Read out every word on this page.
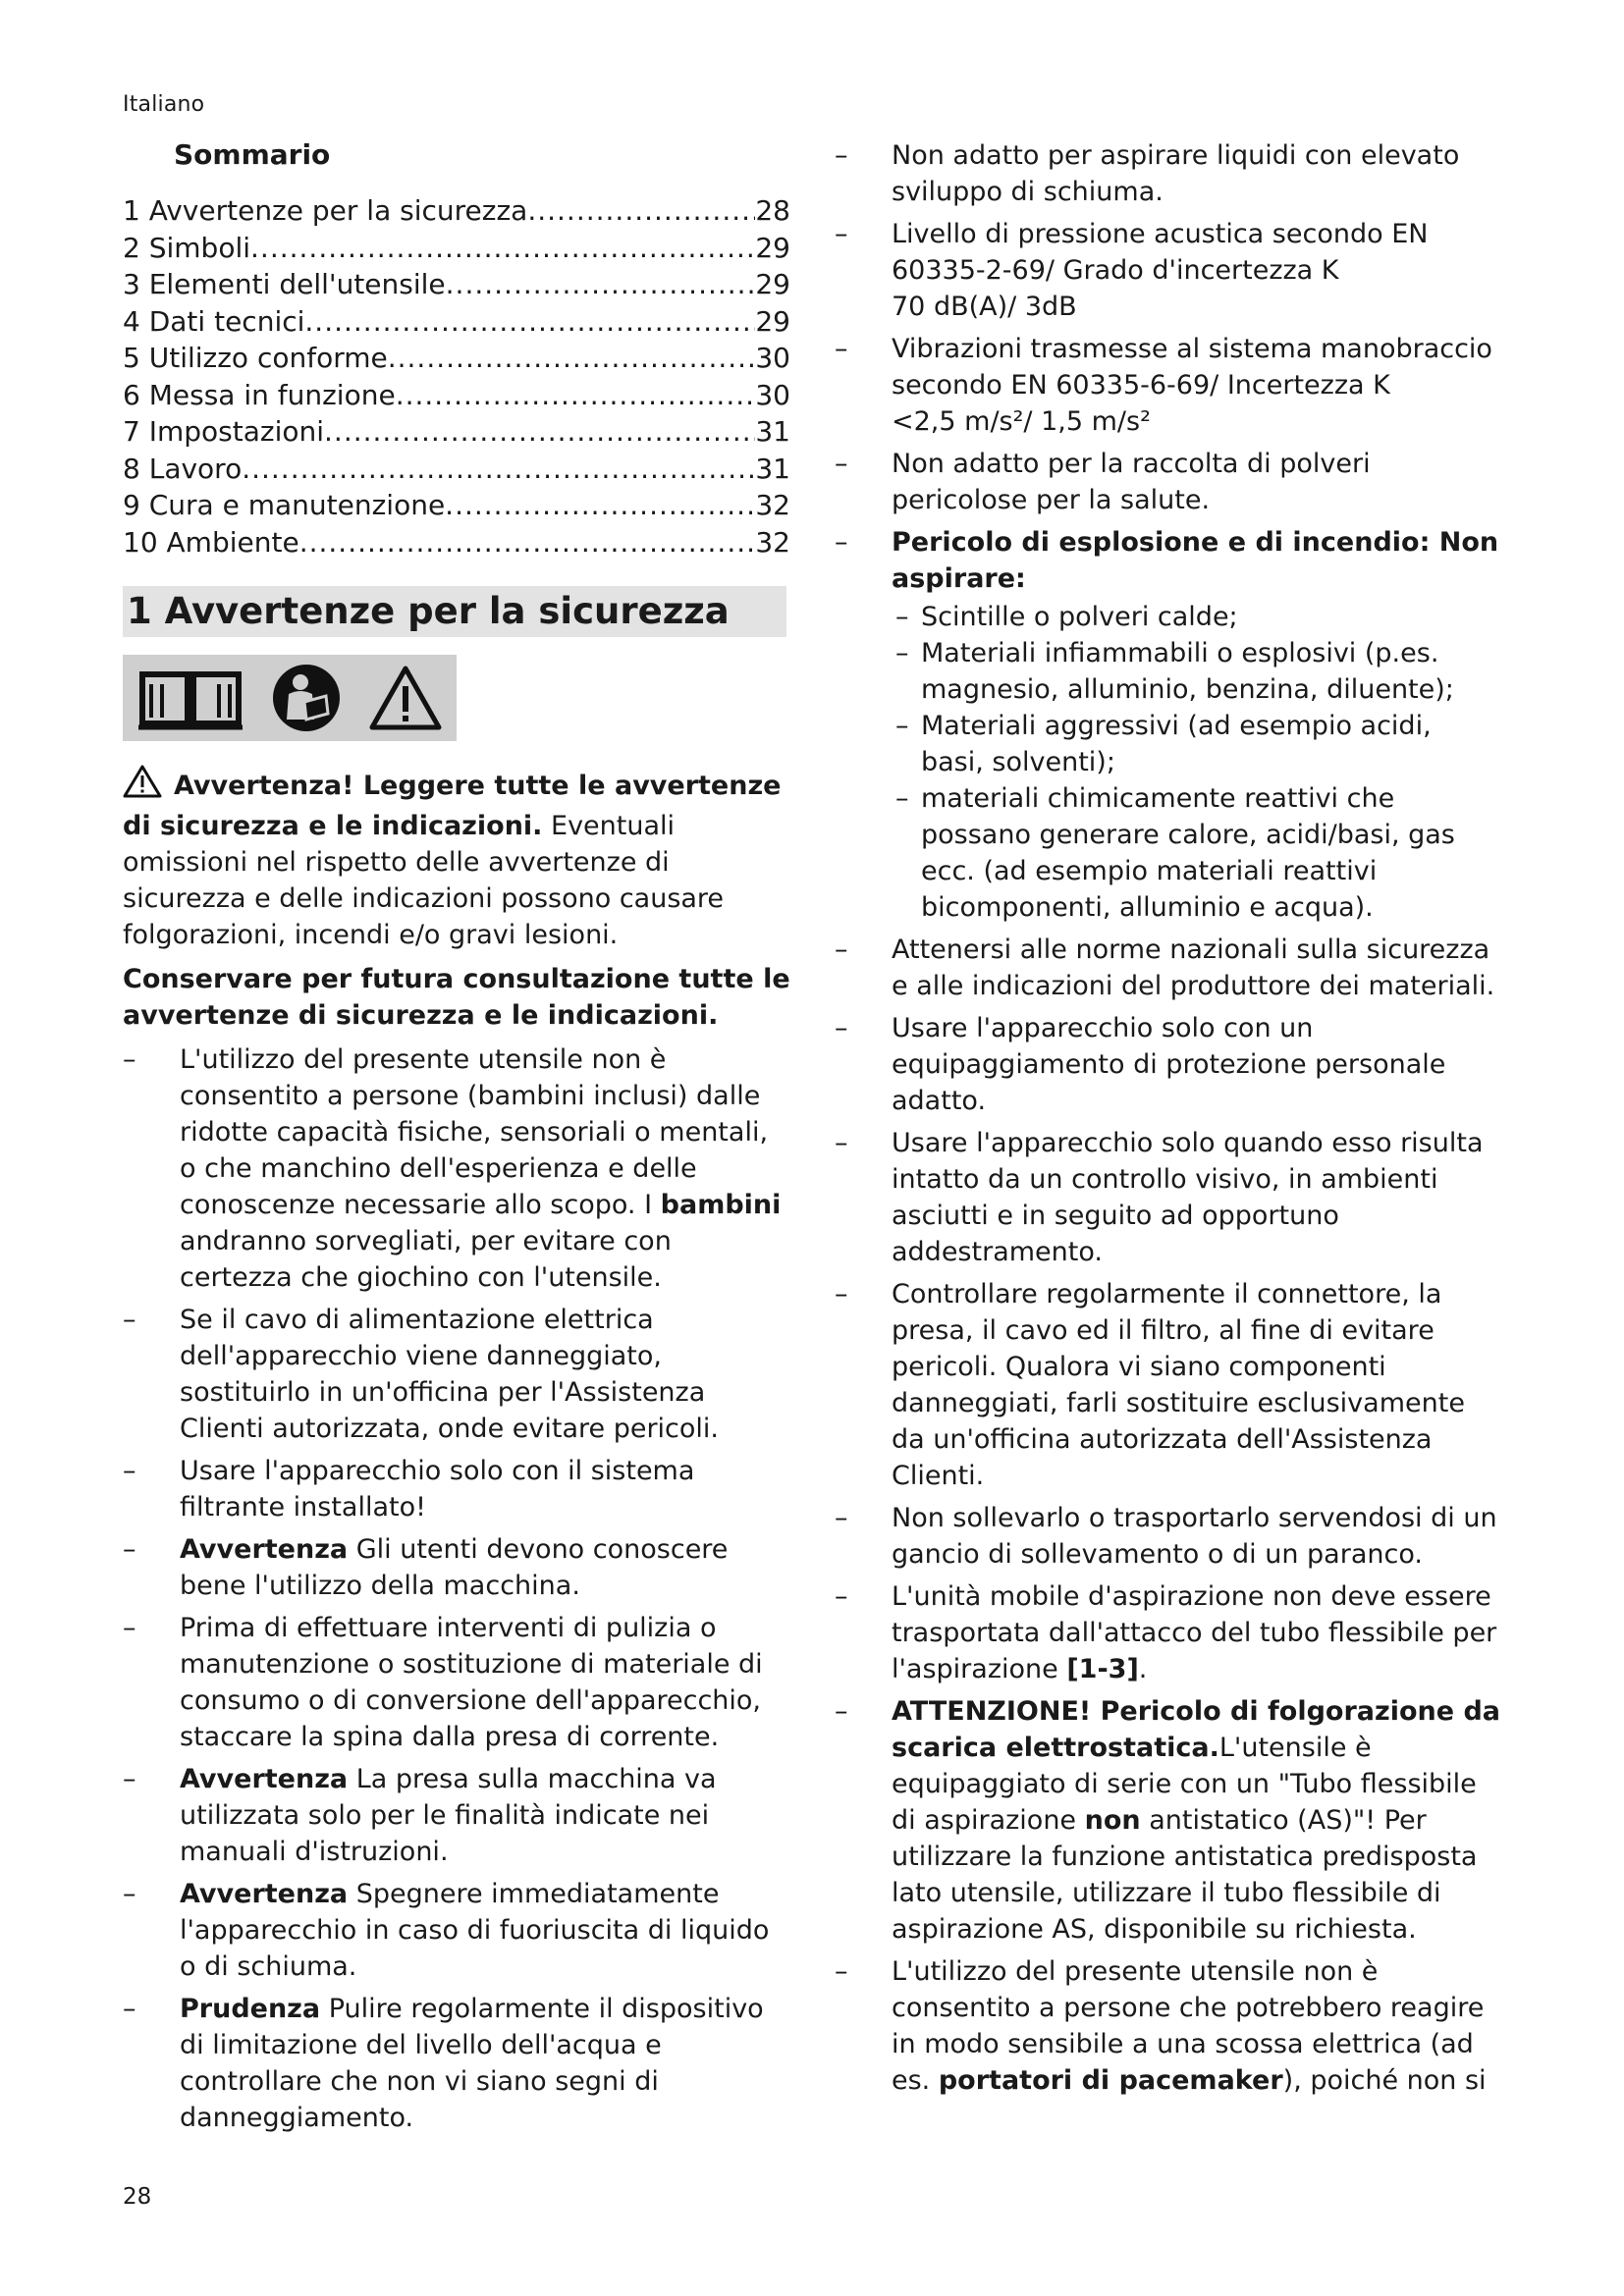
Italiano
Sommario
1 Avvertenze per la sicurezza .....	28
2 Simboli .....	29
3 Elementi dell'utensile .....	29
4 Dati tecnici .....	29
5 Utilizzo conforme .....	30
6 Messa in funzione .....	30
7 Impostazioni .....	31
8 Lavoro .....	31
9 Cura e manutenzione .....	32
10 Ambiente .....	32
1 Avvertenze per la sicurezza

Avvertenza! Leggere tutte le avvertenze di sicurezza e le indicazioni. Eventuali omissioni nel rispetto delle avvertenze di sicurezza e delle indicazioni possono causare folgorazioni, incendi e/o gravi lesioni.

Conservare per futura consultazione tutte le avvertenze di sicurezza e le indicazioni.

– L'utilizzo del presente utensile non è consentito a persone (bambini inclusi) dalle ridotte capacità fisiche, sensoriali o mentali, o che manchino dell'esperienza e delle conoscenze necessarie allo scopo. I bambini andranno sorvegliati, per evitare con certezza che giochino con l'utensile.
– Se il cavo di alimentazione elettrica dell'apparecchio viene danneggiato, sostituirlo in un'officina per l'Assistenza Clienti autorizzata, onde evitare pericoli.
– Usare l'apparecchio solo con il sistema filtrante installato!
– Avvertenza Gli utenti devono conoscere bene l'utilizzo della macchina.
– Prima di effettuare interventi di pulizia o manutenzione o sostituzione di materiale di consumo o di conversione dell'apparecchio, staccare la spina dalla presa di corrente.
– Avvertenza La presa sulla macchina va utilizzata solo per le finalità indicate nei manuali d'istruzioni.
– Avvertenza Spegnere immediatamente l'apparecchio in caso di fuoriuscita di liquido o di schiuma.
– Prudenza Pulire regolarmente il dispositivo di limitazione del livello dell'acqua e controllare che non vi siano segni di danneggiamento.
– Non adatto per aspirare liquidi con elevato sviluppo di schiuma.
– Livello di pressione acustica secondo EN 60335-2-69/ Grado d'incertezza K
70 dB(A)/ 3dB
– Vibrazioni trasmesse al sistema manobraccio secondo EN 60335-6-69/ Incertezza K
<2,5 m/s²/ 1,5 m/s²
– Non adatto per la raccolta di polveri pericolose per la salute.
– Pericolo di esplosione e di incendio: Non aspirare:
– Scintille o polveri calde;
– Materiali infiammabili o esplosivi (p.es. magnesio, alluminio, benzina, diluente);
– Materiali aggressivi (ad esempio acidi, basi, solventi);
– materiali chimicamente reattivi che possano generare calore, acidi/basi, gas ecc. (ad esempio materiali reattivi bicomponenti, alluminio e acqua).
– Attenersi alle norme nazionali sulla sicurezza e alle indicazioni del produttore dei materiali.
– Usare l'apparecchio solo con un equipaggiamento di protezione personale adatto.
– Usare l'apparecchio solo quando esso risulta intatto da un controllo visivo, in ambienti asciutti e in seguito ad opportuno addestramento.
– Controllare regolarmente il connettore, la presa, il cavo ed il filtro, al fine di evitare pericoli. Qualora vi siano componenti danneggiati, farli sostituire esclusivamente da un'officina autorizzata dell'Assistenza Clienti.
– Non sollevarlo o trasportarlo servendosi di un gancio di sollevamento o di un paranco.
– L'unità mobile d'aspirazione non deve essere trasportata dall'attacco del tubo flessibile per l'aspirazione [1-3].
– ATTENZIONE! Pericolo di folgorazione da scarica elettrostatica.L'utensile è equipaggiato di serie con un "Tubo flessibile di aspirazione non antistatico (AS)"! Per utilizzare la funzione antistatica predisposta lato utensile, utilizzare il tubo flessibile di aspirazione AS, disponibile su richiesta.
– L'utilizzo del presente utensile non è consentito a persone che potrebbero reagire in modo sensibile a una scossa elettrica (ad es. portatori di pacemaker), poiché non si
28
